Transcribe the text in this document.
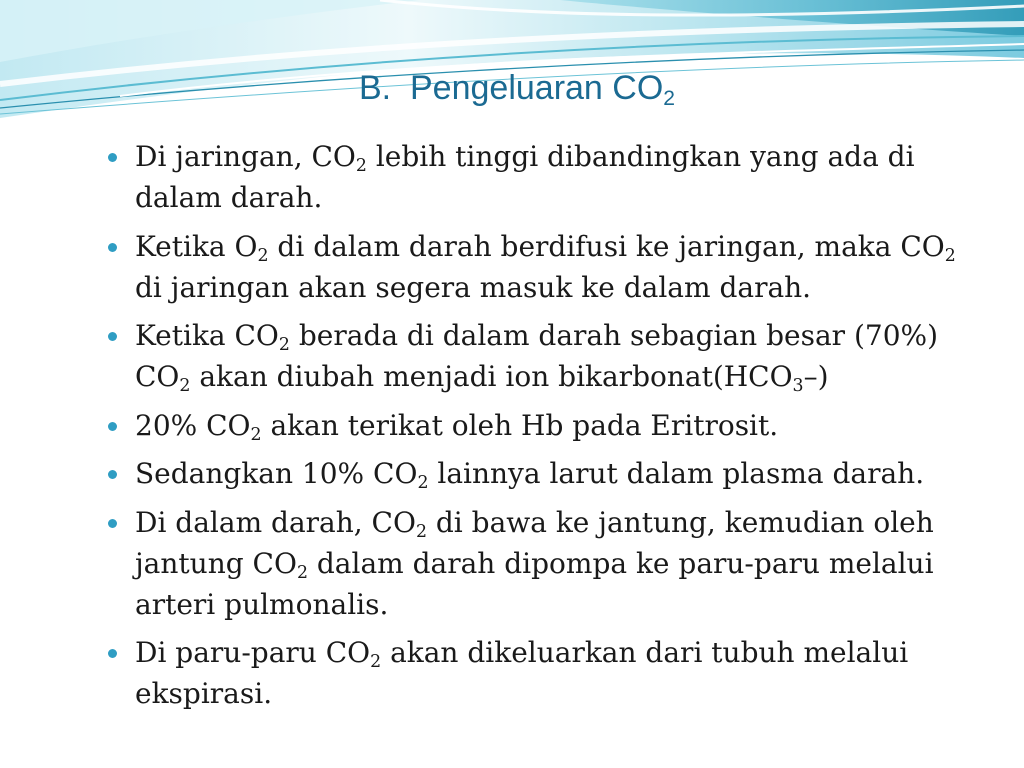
B.  Pengeluaran $CO_2$
Di jaringan, $CO_2$ lebih tinggi dibandingkan yang ada di
dalam darah.
Ketika $O_2$ di dalam darah berdifusi ke jaringan, maka $CO_2$
di jaringan akan segera masuk ke dalam darah.
Ketika $CO_2$ berada di dalam darah sebagian besar (70%)
$CO_2$ akan diubah menjadi ion $bikarbonat(HCO_3-)$
20% $CO_2$ akan terikat oleh Hb pada Eritrosit.
Sedangkan 10% $CO_2$ lainnya larut dalam plasma darah.
Di dalam darah, $CO_2$ di bawa ke jantung, kemudian oleh
jantung $CO_2$ dalam darah dipompa ke paru-paru melalui
arteri pulmonalis.
Di paru-paru $CO_2$ akan dikeluarkan dari tubuh melalui
ekspirasi.
